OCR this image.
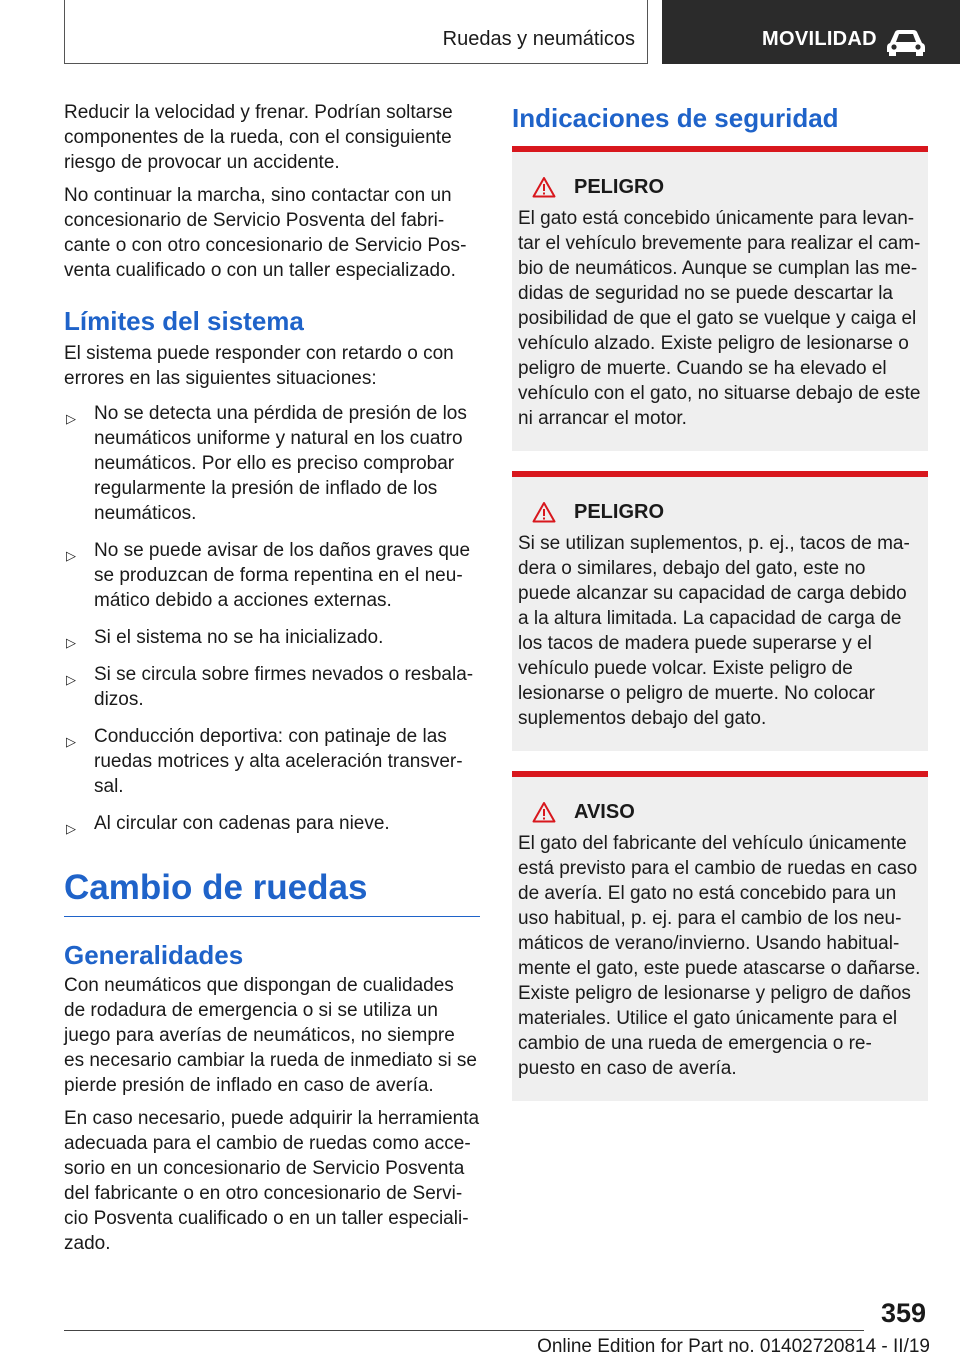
Ruedas y neumáticos	MOVILIDAD

Reducir la velocidad y frenar. Podrían soltarse componentes de la rueda, con el consiguiente riesgo de provocar un accidente.

No continuar la marcha, sino contactar con un concesionario de Servicio Posventa del fabricante o con otro concesionario de Servicio Posventa cualificado o con un taller especializado.

Límites del sistema

El sistema puede responder con retardo o con errores en las siguientes situaciones:

▷ No se detecta una pérdida de presión de los neumáticos uniforme y natural en los cuatro neumáticos. Por ello es preciso comprobar regularmente la presión de inflado de los neumáticos.
▷ No se puede avisar de los daños graves que se produzcan de forma repentina en el neumático debido a acciones externas.
▷ Si el sistema no se ha inicializado.
▷ Si se circula sobre firmes nevados o resbaladizos.
▷ Conducción deportiva: con patinaje de las ruedas motrices y alta aceleración transversal.
▷ Al circular con cadenas para nieve.
Cambio de ruedas
Generalidades

Con neumáticos que dispongan de cualidades de rodadura de emergencia o si se utiliza un juego para averías de neumáticos, no siempre es necesario cambiar la rueda de inmediato si se pierde presión de inflado en caso de avería.

En caso necesario, puede adquirir la herramienta adecuada para el cambio de ruedas como accesorio en un concesionario de Servicio Posventa del fabricante o en otro concesionario de Servicio Posventa cualificado o en un taller especializado.

Indicaciones de seguridad
PELIGRO

El gato está concebido únicamente para levantar el vehículo brevemente para realizar el cambio de neumáticos. Aunque se cumplan las medidas de seguridad no se puede descartar la posibilidad de que el gato se vuelque y caiga el vehículo alzado. Existe peligro de lesionarse o peligro de muerte. Cuando se ha elevado el vehículo con el gato, no situarse debajo de este ni arrancar el motor.

PELIGRO

Si se utilizan suplementos, p. ej., tacos de madera o similares, debajo del gato, este no puede alcanzar su capacidad de carga debido a la altura limitada. La capacidad de carga de los tacos de madera puede superarse y el vehículo puede volcar. Existe peligro de lesionarse o peligro de muerte. No colocar suplementos debajo del gato.

AVISO

El gato del fabricante del vehículo únicamente está previsto para el cambio de ruedas en caso de avería. El gato no está concebido para un uso habitual, p. ej. para el cambio de los neumáticos de verano/invierno. Usando habitualmente el gato, este puede atascarse o dañarse. Existe peligro de lesionarse y peligro de daños materiales. Utilice el gato únicamente para el cambio de una rueda de emergencia o repuesto en caso de avería.

359
Online Edition for Part no. 01402720814 - II/19
